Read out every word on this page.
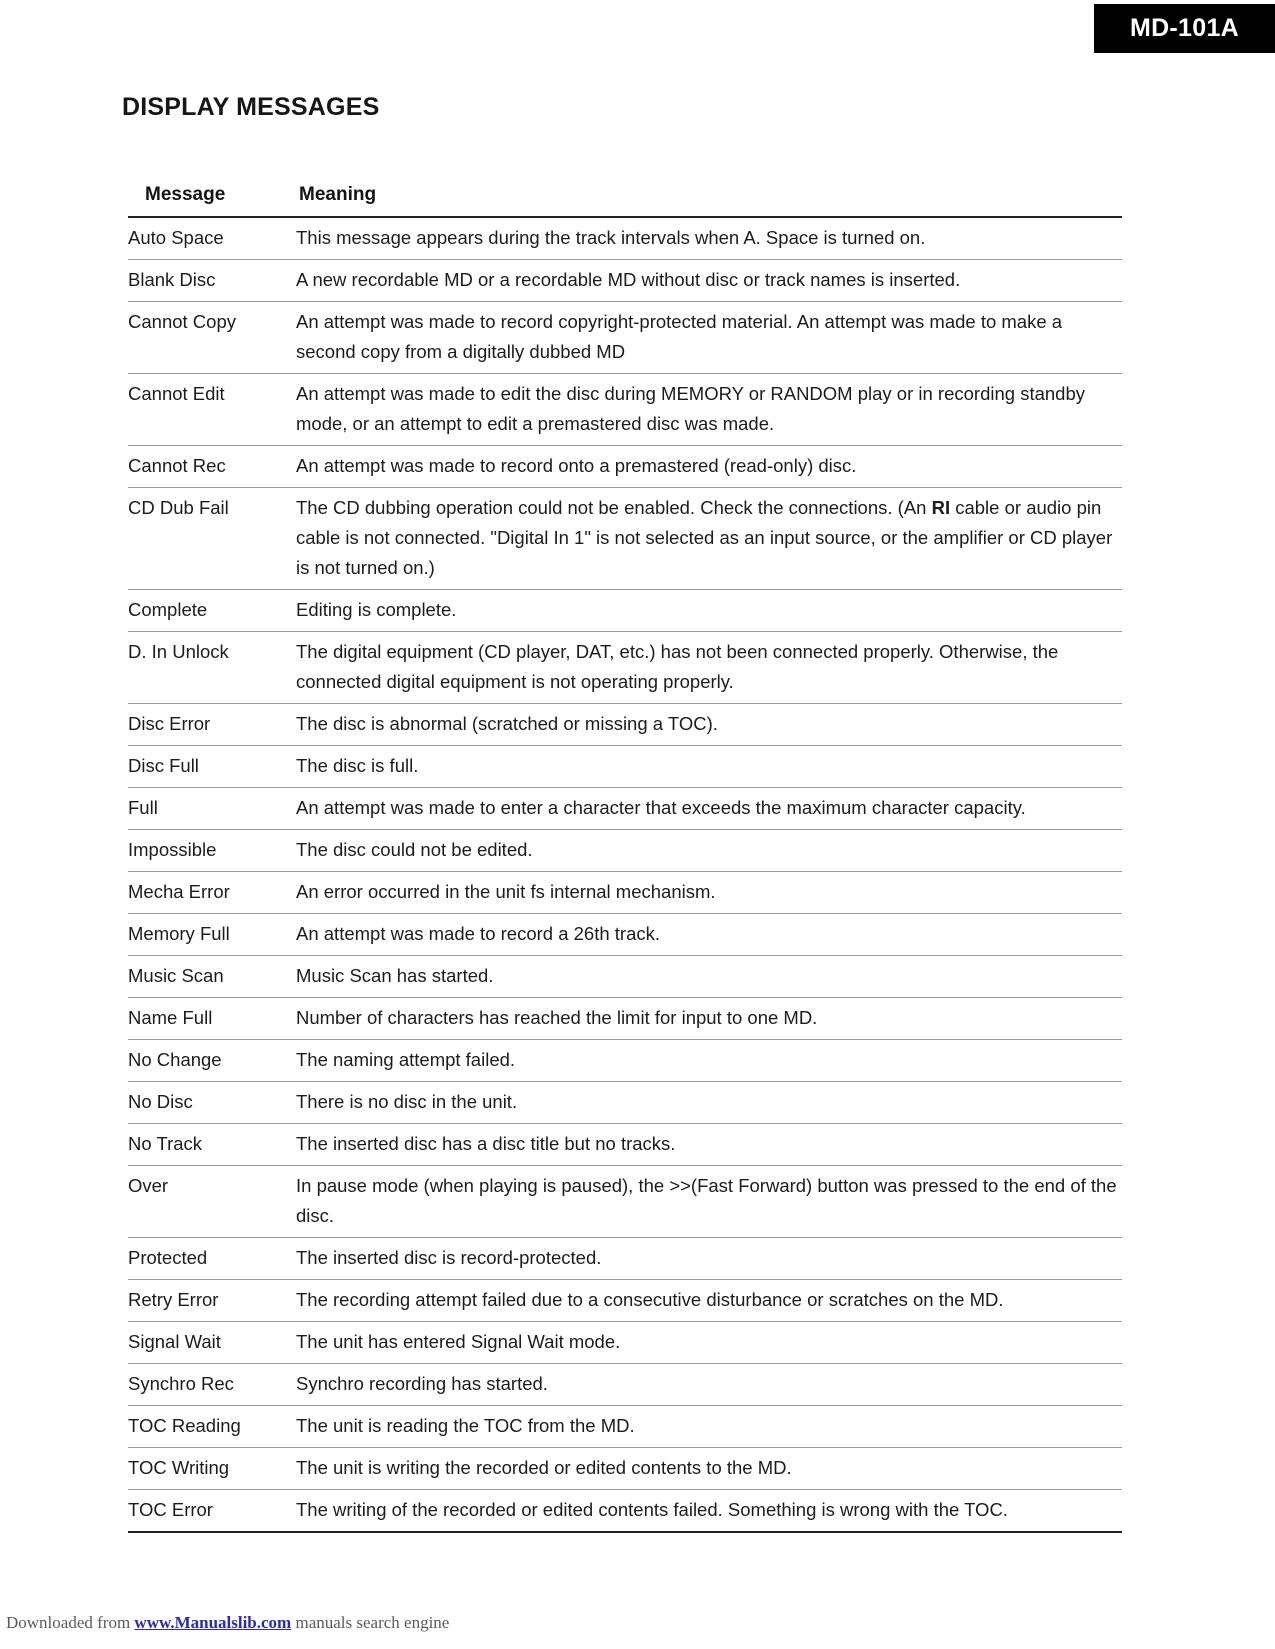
MD-101A
DISPLAY MESSAGES
Message	Meaning
Auto Space	This message appears during the track intervals when A. Space is turned on.
Blank Disc	A new recordable MD or a recordable MD without disc or track names is inserted.
Cannot Copy	An attempt was made to record copyright-protected material. An attempt was made to make a second copy from a digitally dubbed MD
Cannot Edit	An attempt was made to edit the disc during MEMORY or RANDOM play or in recording standby mode, or an attempt to edit a premastered disc was made.
Cannot Rec	An attempt was made to record onto a premastered (read-only) disc.
CD Dub Fail	The CD dubbing operation could not be enabled. Check the connections. (An RI cable or audio pin cable is not connected. "Digital In 1" is not selected as an input source, or the amplifier or CD player is not turned on.)
Complete	Editing is complete.
D. In Unlock	The digital equipment (CD player, DAT, etc.) has not been connected properly. Otherwise, the connected digital equipment is not operating properly.
Disc Error	The disc is abnormal (scratched or missing a TOC).
Disc Full	The disc is full.
Full	An attempt was made to enter a character that exceeds the maximum character capacity.
Impossible	The disc could not be edited.
Mecha Error	An error occurred in the unit fs internal mechanism.
Memory Full	An attempt was made to record a 26th track.
Music Scan	Music Scan has started.
Name Full	Number of characters has reached the limit for input to one MD.
No Change	The naming attempt failed.
No Disc	There is no disc in the unit.
No Track	The inserted disc has a disc title but no tracks.
Over	In pause mode (when playing is paused), the >>(Fast Forward) button was pressed to the end of the disc.
Protected	The inserted disc is record-protected.
Retry Error	The recording attempt failed due to a consecutive disturbance or scratches on the MD.
Signal Wait	The unit has entered Signal Wait mode.
Synchro Rec	Synchro recording has started.
TOC Reading	The unit is reading the TOC from the MD.
TOC Writing	The unit is writing the recorded or edited contents to the MD.
TOC Error	The writing of the recorded or edited contents failed. Something is wrong with the TOC.
Downloaded from www.Manualslib.com manuals search engine
